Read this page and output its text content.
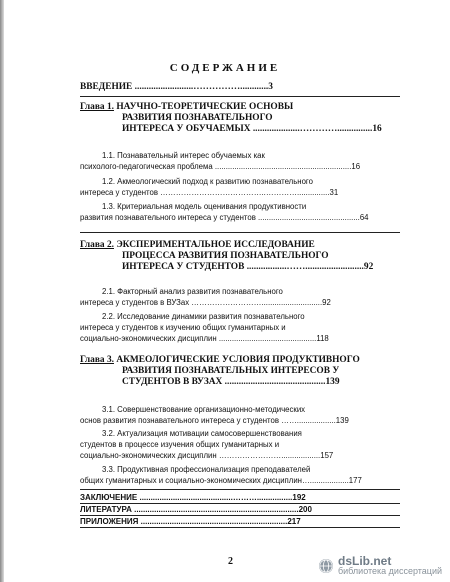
СОДЕРЖАНИЕ
ВВЕДЕНИЕ .........................……………............3
Глава 1. НАУЧНО-ТЕОРЕТИЧЕСКИЕ ОСНОВЫ
РАЗВИТИЯ ПОЗНАВАТЕЛЬНОГО
ИНТЕРЕСА У ОБУЧАЕМЫХ ....................…………...............16
1.1. Познавательный интерес обучаемых как
психолого-педагогическая проблема ...............................................................16
1.2. Акмеологический подход к развитию познавательного
интереса у студентов …………………………………..…………...............31
1.3. Критериальная модель оценивания продуктивности
развития познавательного интереса у студентов ...............................................64
Глава 2. ЭКСПЕРИМЕНТАЛЬНОЕ ИССЛЕДОВАНИЕ
ПРОЦЕССА РАЗВИТИЯ ПОЗНАВАТЕЛЬНОГО
ИНТЕРЕСА У СТУДЕНТОВ .................…….........................92
2.1. Факторный анализ развития познавательного
интереса у студентов в ВУЗах ………………………............................92
2.2. Исследование динамики развития познавательного
интереса у студентов к изучению общих гуманитарных и
социально-экономических дисциплин .............................................118
Глава 3. АКМЕОЛОГИЧЕСКИЕ УСЛОВИЯ ПРОДУКТИВНОГО
РАЗВИТИЯ ПОЗНАВАТЕЛЬНЫХ ИНТЕРЕСОВ У
СТУДЕНТОВ В ВУЗАХ ...........................................139
3.1. Совершенствование организационно-методических
основ развития познавательного интереса у студентов ……..................139
3.2. Актуализация мотивации самосовершенствования
студентов в процессе изучения общих гуманитарных и
социально-экономических дисциплин ……………………..................157
3.3. Продуктивная профессионализация преподавателей
общих гуманитарных и социально-экономических дисциплин…..................177
ЗАКЛЮЧЕНИЕ ..........................................………................192
ЛИТЕРАТУРА ..........................................................................200
ПРИЛОЖЕНИЯ ..................................................................217
2	dsLib.net
библиотека диссертаций
